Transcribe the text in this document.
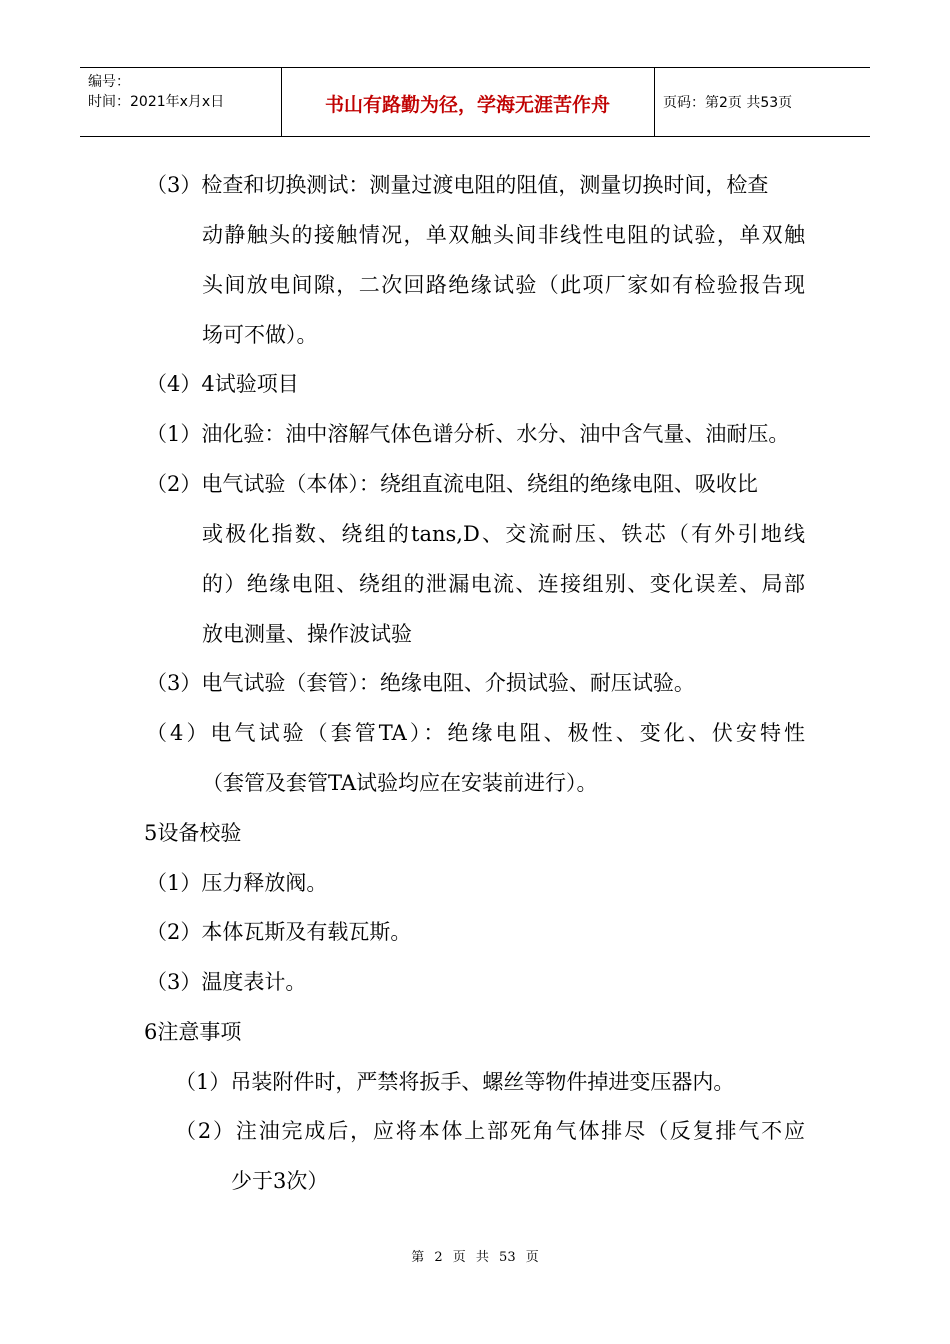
编号：
时间：2021年x月x日	书山有路勤为径，学海无涯苦作舟	页码：第2页 共53页
（3）检查和切换测试：测量过渡电阻的阻值，测量切换时间，检查
动静触头的接触情况，单双触头间非线性电阻的试验，单双触
头间放电间隙，二次回路绝缘试验（此项厂家如有检验报告现
场可不做）。
（4）4试验项目
（1）油化验：油中溶解气体色谱分析、水分、油中含气量、油耐压。
（2）电气试验（本体）：绕组直流电阻、绕组的绝缘电阻、吸收比
或极化指数、绕组的tans,D、交流耐压、铁芯（有外引地线
的）绝缘电阻、绕组的泄漏电流、连接组别、变化误差、局部
放电测量、操作波试验
（3）电气试验（套管）：绝缘电阻、介损试验、耐压试验。
（4）电气试验（套管TA）：绝缘电阻、极性、变化、伏安特性
（套管及套管TA试验均应在安装前进行）。
5设备校验
（1）压力释放阀。
（2）本体瓦斯及有载瓦斯。
（3）温度表计。
6注意事项
（1）吊装附件时，严禁将扳手、螺丝等物件掉进变压器内。
（2）注油完成后，应将本体上部死角气体排尽（反复排气不应
少于3次）
第 2 页 共 53 页
